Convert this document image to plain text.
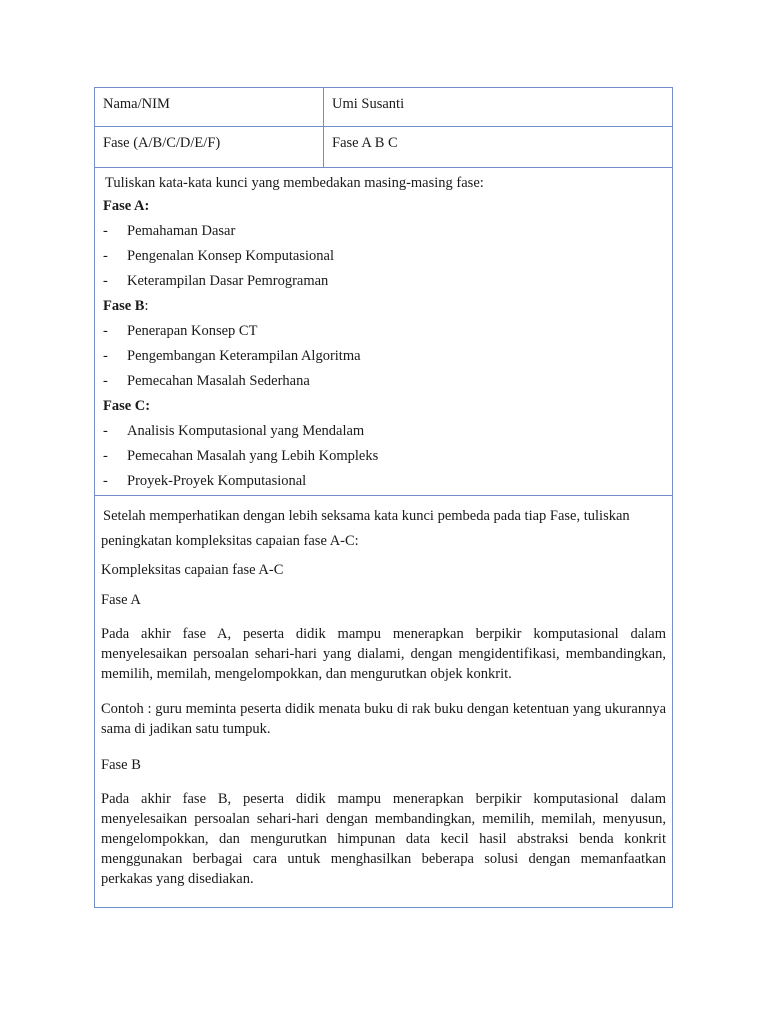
Nama/NIM	Umi Susanti
Fase (A/B/C/D/E/F)	Fase A B C
Tuliskan kata-kata kunci yang membedakan masing-masing fase:
Fase A:
-	Pemahaman Dasar
-	Pengenalan Konsep Komputasional
-	Keterampilan Dasar Pemrograman
Fase B:
-	Penerapan Konsep CT
-	Pengembangan Keterampilan Algoritma
-	Pemecahan Masalah Sederhana
Fase C:
-	Analisis Komputasional yang Mendalam
-	Pemecahan Masalah yang Lebih Kompleks
-	Proyek-Proyek Komputasional
Setelah memperhatikan dengan lebih seksama kata kunci pembeda pada tiap Fase, tuliskan
peningkatan kompleksitas capaian fase A-C:

Kompleksitas capaian fase A-C

Fase A

Pada akhir fase A, peserta didik mampu menerapkan berpikir komputasional dalam menyelesaikan persoalan sehari-hari yang dialami, dengan mengidentifikasi, membandingkan, memilih, memilah, mengelompokkan, dan mengurutkan objek konkrit.

Contoh : guru meminta peserta didik menata buku di rak buku dengan ketentuan yang ukurannya sama di jadikan satu tumpuk.

Fase B

Pada akhir fase B, peserta didik mampu menerapkan berpikir komputasional dalam menyelesaikan persoalan sehari-hari dengan membandingkan, memilih, memilah, menyusun, mengelompokkan, dan mengurutkan himpunan data kecil hasil abstraksi benda konkrit menggunakan berbagai cara untuk menghasilkan beberapa solusi dengan memanfaatkan perkakas yang disediakan.
